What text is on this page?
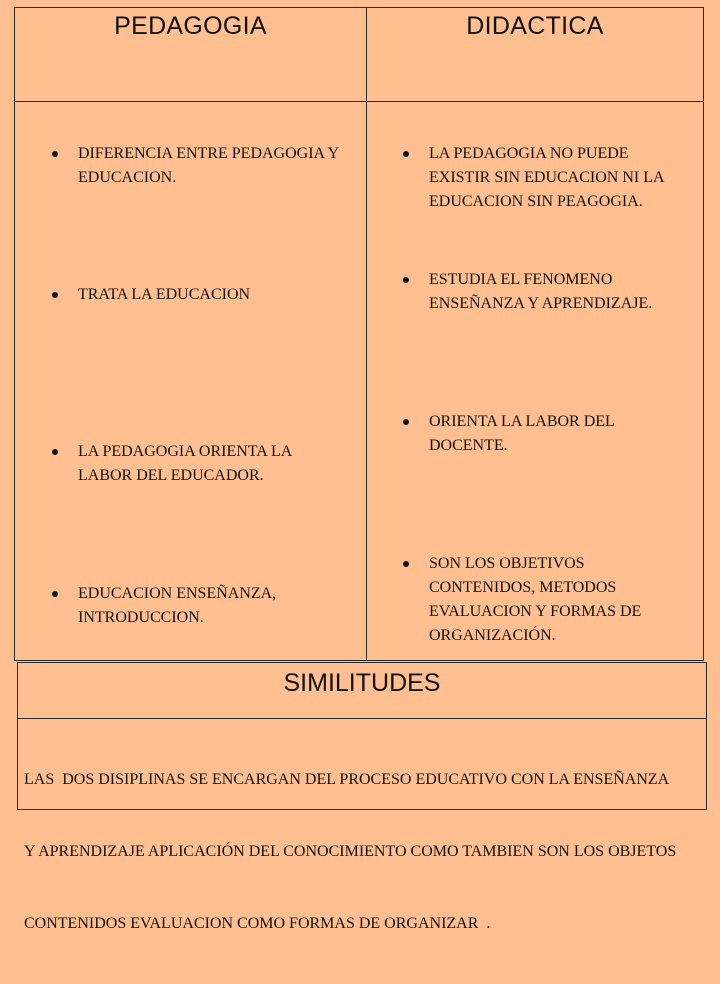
PEDAGOGIA
DIFERENCIA ENTRE PEDAGOGIA Y
EDUCACION.
TRATA LA EDUCACION
LA PEDAGOGIA ORIENTA LA
LABOR DEL EDUCADOR.
EDUCACION ENSEÑANZA,
INTRODUCCION.
DIDACTICA
LA PEDAGOGIA NO PUEDE
EXISTIR SIN EDUCACION NI LA
EDUCACION SIN PEAGOGIA.
ESTUDIA EL FENOMENO
ENSEÑANZA Y APRENDIZAJE.
ORIENTA LA LABOR DEL
DOCENTE.
SON LOS OBJETIVOS
CONTENIDOS, METODOS
EVALUACION Y FORMAS DE
ORGANIZACIÓN.
SIMILITUDES

LAS  DOS DISIPLINAS SE ENCARGAN DEL PROCESO EDUCATIVO CON LA ENSEÑANZA

Y APRENDIZAJE APLICACIÓN DEL CONOCIMIENTO COMO TAMBIEN SON LOS OBJETOS

CONTENIDOS EVALUACION COMO FORMAS DE ORGANIZAR  .
